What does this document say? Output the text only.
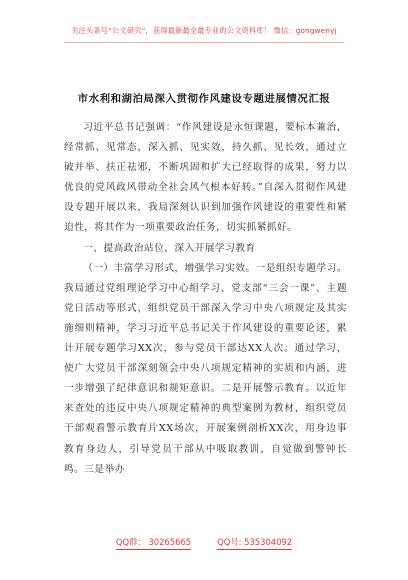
关注头条号“公文研究”，获得最新最全最专业的公文资料库！ 微信：gongwenyj
市水利和湖泊局深入贯彻作风建设专题进展情况汇报

习近平总书记强调：“作风建设是永恒课题，要标本兼治，经常抓、见常态，深入抓、见实效，持久抓、见长效，通过立破并举、扶正祛邪，不断巩固和扩大已经取得的成果，努力以优良的党风政风带动全社会风气根本好转。”自深入贯彻作风建设专题开展以来，我局深刻认识到加强作风建设的重要性和紧迫性，将其作为一项重要政治任务，切实抓紧抓好。

一、提高政治站位，深入开展学习教育

（一）丰富学习形式，增强学习实效。一是组织专题学习。我局通过党组理论学习中心组学习、党支部“三会一课”、主题党日活动等形式，组织党员干部深入学习中央八项规定及其实施细则精神，学习习近平总书记关于作风建设的重要论述，累计开展专题学习XX次，参与党员干部达XX人次。通过学习，使广大党员干部深刻领会中央八项规定精神的实质和内涵，进一步增强了纪律意识和规矩意识。二是开展警示教育。以近年来查处的违反中央八项规定精神的典型案例为教材，组织党员干部观看警示教育片XX场次，开展案例剖析XX次，用身边事教育身边人，引导党员干部从中吸取教训，自觉做到警钟长鸣。三是举办

QQ群： 30265665	QQ号: 535304092
